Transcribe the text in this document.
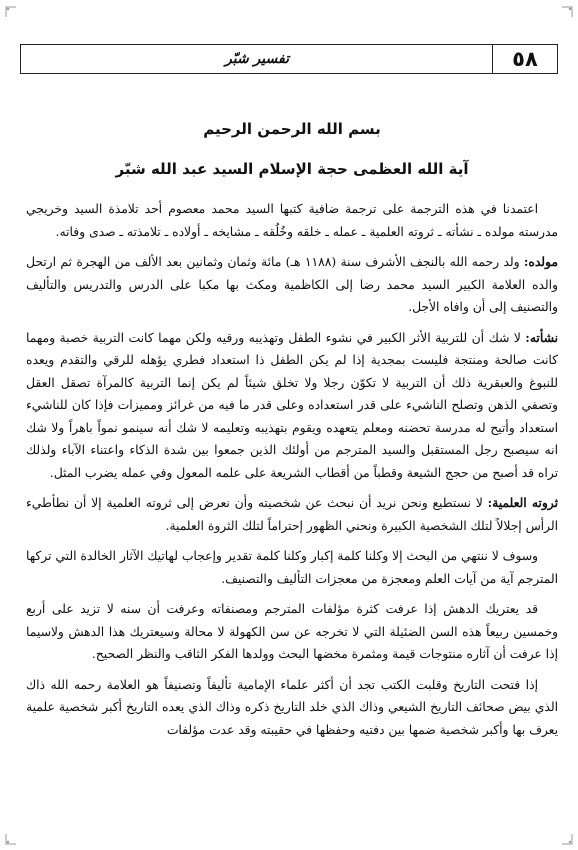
٥٨
تفسير شبّر
بسم الله الرحمن الرحيم
آية الله العظمى حجة الإسلام السيد عبد الله شبّر

اعتمدنا في هذه الترجمة على ترجمة ضافية كتبها السيد محمد معصوم أحد تلامذة السيد وخريجي مدرسته مولده ـ نشأته ـ ثروته العلمية ـ عمله ـ خلقه وخُلُقه ـ مشايخه ـ أولاده ـ تلامذته ـ صدى وفاته.

مولده: ولد رحمه الله بالنجف الأشرف سنة (١١٨٨ هـ) مائة وثمان وثمانين بعد الألف من الهجرة ثم ارتحل والده العلامة الكبير السيد محمد رضا إلى الكاظمية ومكث بها مكبا على الدرس والتدريس والتأليف والتصنيف إلى أن وافاه الأجل.

نشأته: لا شك أن للتربية الأثر الكبير في نشوء الطفل وتهذيبه ورقيه ولكن مهما كانت التربية خصبة ومهما كانت صالحة ومنتجة فليست بمجدية إذا لم يكن الطفل ذا استعداد فطري يؤهله للرقي والتقدم ويعده للنبوغ والعبقرية ذلك أن التربية لا تكوّن رجلا ولا تخلق شيئاً لم يكن إنما التربية كالمرآة تصقل العقل وتصفي الذهن وتصلح الناشيء على قدر استعداده وعلى قدر ما فيه من غرائز ومميزات فإذا كان للناشيء استعداد وأتيح له مدرسة تحضنه ومعلم يتعهده ويقوم بتهذيبه وتعليمه لا شك أنه سينمو نمواً باهراً ولا شك انه سيصبح رجل المستقبل والسيد المترجم من أولئك الذين جمعوا بين شدة الذكاء واعتناء الآباء ولذلك تراه قد أصبح من حجج الشيعة وقطباً من أقطاب الشريعة على علمه المعول وفي عمله يضرب المثل.

ثروته العلمية: لا نستطيع ونحن نريد أن نبحث عن شخصيته وأن نعرض إلى ثروته العلمية إلا أن نطأطيء الرأس إجلالاً لتلك الشخصية الكبيرة ونحني الظهور إحتراماً لتلك الثروة العلمية.

وسوف لا ننتهي من البحث إلا وكلنا كلمة إكبار وكلنا كلمة تقدير وإعجاب لهاتيك الآثار الخالدة التي تركها المترجم آية من آيات العلم ومعجزة من معجزات التأليف والتصنيف.

قد يعتريك الدهش إذا عرفت كثرة مؤلفات المترجم ومصنفاته وعرفت أن سنه لا تزيد على أربع وخمسين ربيعاً هذه السن الضئيلة التي لا تخرجه عن سن الكهولة لا محالة وسيعتريك هذا الدهش ولاسيما إذا عرفت أن آثاره منتوجات قيمة ومثمرة مخضها البحث وولدها الفكر الثاقب والنظر الصحيح.

إذا فتحت التاريخ وقلبت الكتب تجد أن أكثر علماء الإمامية تأليفاً وتصنيفاً هو العلامة رحمه الله ذاك الذي بيض صحائف التاريخ الشيعي وذاك الذي خلد التاريخ ذكره وذاك الذي يعده التاريخ أكبر شخصية علمية يعرف بها وأكبر شخصية ضمها بين دفتيه وحفظها في حقيبته وقد عدت مؤلفات
